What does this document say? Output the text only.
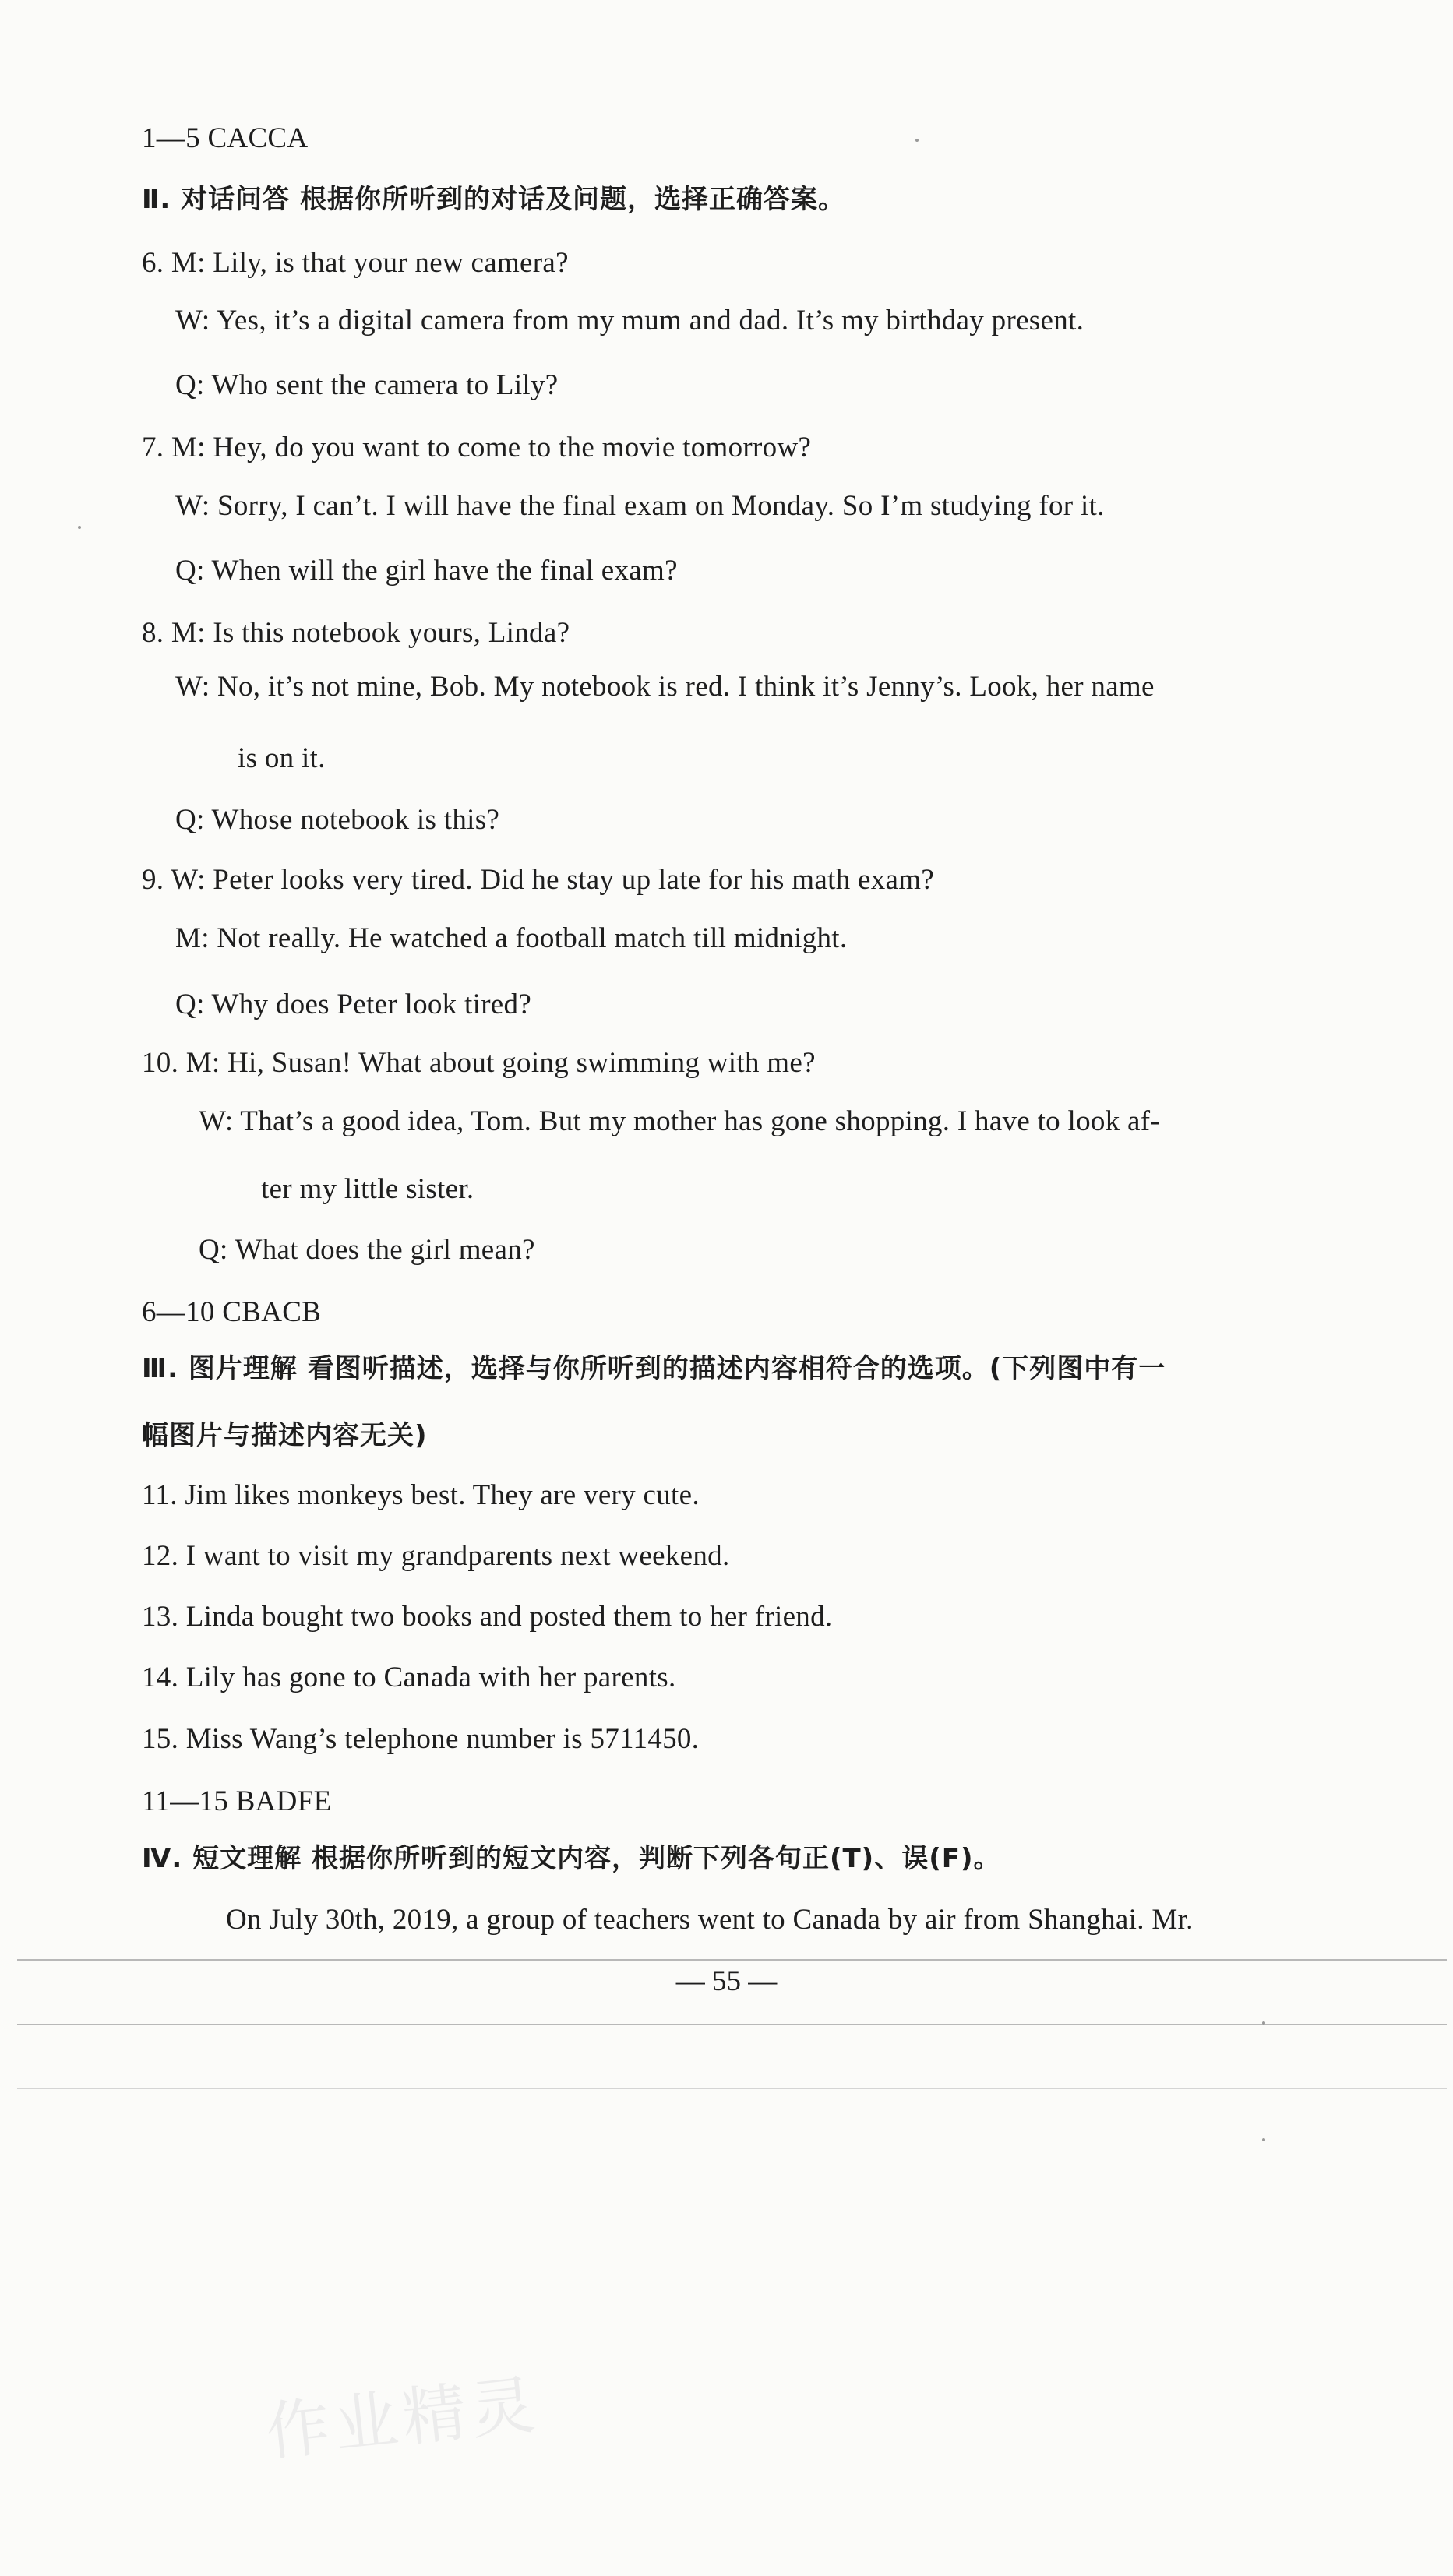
1—5 CACCA
Ⅱ. 对话问答 根据你所听到的对话及问题，选择正确答案。
6. M: Lily, is that your new camera?
W: Yes, it’s a digital camera from my mum and dad. It’s my birthday present.
Q: Who sent the camera to Lily?
7. M: Hey, do you want to come to the movie tomorrow?
W: Sorry, I can’t. I will have the final exam on Monday. So I’m studying for it.
Q: When will the girl have the final exam?
8. M: Is this notebook yours, Linda?
W: No, it’s not mine, Bob. My notebook is red. I think it’s Jenny’s. Look, her name
is on it.
Q: Whose notebook is this?
9. W: Peter looks very tired. Did he stay up late for his math exam?
M: Not really. He watched a football match till midnight.
Q: Why does Peter look tired?
10. M: Hi, Susan! What about going swimming with me?
W: That’s a good idea, Tom. But my mother has gone shopping. I have to look af-
ter my little sister.
Q: What does the girl mean?
6—10 CBACB
Ⅲ. 图片理解 看图听描述，选择与你所听到的描述内容相符合的选项。(下列图中有一
幅图片与描述内容无关)
11. Jim likes monkeys best. They are very cute.
12. I want to visit my grandparents next weekend.
13. Linda bought two books and posted them to her friend.
14. Lily has gone to Canada with her parents.
15. Miss Wang’s telephone number is 5711450.
11—15 BADFE
Ⅳ. 短文理解 根据你所听到的短文内容，判断下列各句正(T)、误(F)。
On July 30th, 2019, a group of teachers went to Canada by air from Shanghai. Mr.
— 55 —
作业精灵
